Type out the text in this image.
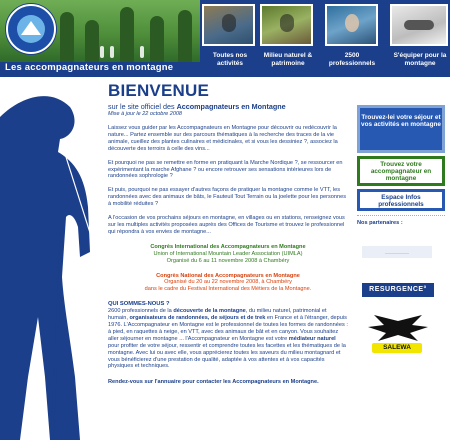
Les accompagnateurs en montagne
Toutes nos activités
Milieu naturel & patrimoine
2500 professionnels
S'équiper pour la montagne
BIENVENUE
sur le site officiel des Accompagnateurs en Montagne
Mise à jour le 22 octobre 2008
Laissez vous guider par les Accompagnateurs en Montagne pour découvrir ou redécouvrir la nature... Partez ensemble sur des parcours thématiques à la recherche des traces de la vie animale, cueillez des plantes culinaires et médicinales, et si vous les dessiniez ?, associez la découverte des terroirs à celle des vins...
Et pourquoi ne pas se remettre en forme en pratiquant la Marche Nordique ?, se ressourcer en expérimentant la marche Afghane ? ou encore retrouver ses sensations intérieures lors de randonnées sophrologie ?
Et puis, pourquoi ne pas essayer d'autres façons de pratiquer la montagne comme le VTT, les randonnées avec des animaux de bâts, le Fauteuil Tout Terrain ou la joelette pour les personnes à mobilité réduites ?
A l'occasion de vos prochains séjours en montagne, en villages ou en stations, renseignez vous sur les multiples activités proposées auprès des Offices de Tourisme et trouvez le professionnel qui répondra à vos envies de montagne...
Congrès International des Accompagnateurs en Montagne
Union of International Mountain Leader Association (UIMLA)
Organisé du 6 au 11 novembre 2008 à Chambéry
Congrès National des Accompagnateurs en Montagne
Organisé du 20 au 22 novembre 2008, à Chambéry
dans le cadre du Festival International des Métiers de la Montagne.
QUI SOMMES-NOUS ?
2600 professionnels de la découverte de la montagne, du milieu naturel, patrimonial et humain, organisateurs de randonnées, de séjours et de trek en France et à l'étranger, depuis 1976. L'Accompagnateur en Montagne est le professionnel de toutes les formes de randonnées : à pied, en raquettes à neige, en VTT, avec des animaux de bât et en canyon. Vous souhaitez aller séjourner en montagne ... l'Accompagnateur en Montagne est votre médiateur naturel pour profiter de votre séjour, ressentir et comprendre toutes les facettes et les thématiques de la montagne. Avec lui ou avec elle, vous apprécierez toutes les saveurs du milieu montagnard et vous bénéficierez d'une prestation de qualité, adaptée à vos attentes et à vos capacités physiques et techniques.
Rendez-vous sur l'annuaire pour contacter les Accompagnateurs en Montagne.
Trouvez-lei votre séjour et vos activités en montagne
Trouvez votre accompagnateur en montagne
Espace Infos professionnels
Nos partenaires :
————
RESURGENCE°
SALEWA
